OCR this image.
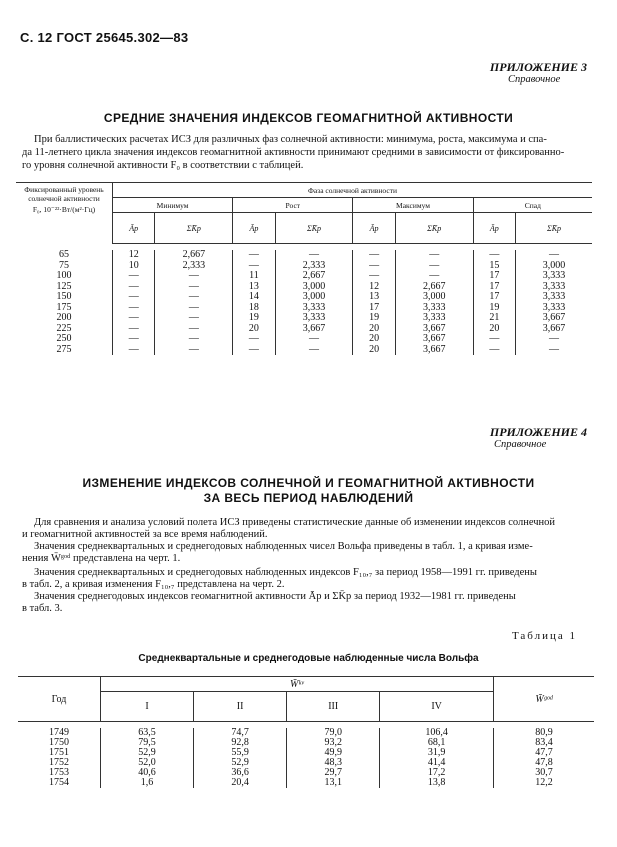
С. 12 ГОСТ 25645.302—83
ПРИЛОЖЕНИЕ 3
Справочное
СРЕДНИЕ ЗНАЧЕНИЯ ИНДЕКСОВ ГЕОМАГНИТНОЙ АКТИВНОСТИ
При баллистических расчетах ИСЗ для различных фаз солнечной активности: минимума, роста, максимума и спа-
да 11-летнего цикла значения индексов геомагнитной активности принимают средними в зависимости от фиксированно-
го уровня солнечной активности F₀ в соответствии с таблицей.
Фиксированный уровень солнечной активности
F₀, 10⁻²²·Вт/(м²·Гц)	Фаза солнечной активности							
	Минимум		Рост		Максимум		Спад	
	Āp	ΣK̄p	Āp	ΣK̄p	Āp	ΣK̄p	Āp	ΣK̄p

65	12	2,667	—	—	—	—	—	—
75	10	2,333	—	2,333	—	—	15	3,000
100	—	—	11	2,667	—	—	17	3,333
125	—	—	13	3,000	12	2,667	17	3,333
150	—	—	14	3,000	13	3,000	17	3,333
175	—	—	18	3,333	17	3,333	19	3,333
200	—	—	19	3,333	19	3,333	21	3,667
225	—	—	20	3,667	20	3,667	20	3,667
250	—	—	—	—	20	3,667	—	—
275	—	—	—	—	20	3,667	—	—
ПРИЛОЖЕНИЕ 4
Справочное
ИЗМЕНЕНИЕ ИНДЕКСОВ СОЛНЕЧНОЙ И ГЕОМАГНИТНОЙ АКТИВНОСТИ
ЗА ВЕСЬ ПЕРИОД НАБЛЮДЕНИЙ
Для сравнения и анализа условий полета ИСЗ приведены статистические данные об изменении индексов солнечной
и геомагнитной активностей за все время наблюдений.
Значения среднеквартальных и среднегодовых наблюденных чисел Вольфа приведены в табл. 1, а кривая изме-
нения W̄ᵍᵒᵈ представлена на черт. 1.
Значения среднеквартальных и среднегодовых наблюденных индексов F₁₀,₇ за период 1958—1991 гг. приведены
в табл. 2, а кривая изменения F₁₀,₇ представлена на черт. 2.
Значения среднегодовых индексов геомагнитной активности Āp и ΣK̄p за период 1932—1981 гг. приведены
в табл. 3.
Таблица 1
Среднеквартальные и среднегодовые наблюденные числа Вольфа
Год	W̄ᵏᵛ				W̄ᵍᵒᵈ
	I	II	III	IV	

1749	63,5	74,7	79,0	106,4	80,9
1750	79,5	92,8	93,2	68,1	83,4
1751	52,9	55,9	49,9	31,9	47,7
1752	52,0	52,9	48,3	41,4	47,8
1753	40,6	36,6	29,7	17,2	30,7
1754	1,6	20,4	13,1	13,8	12,2
